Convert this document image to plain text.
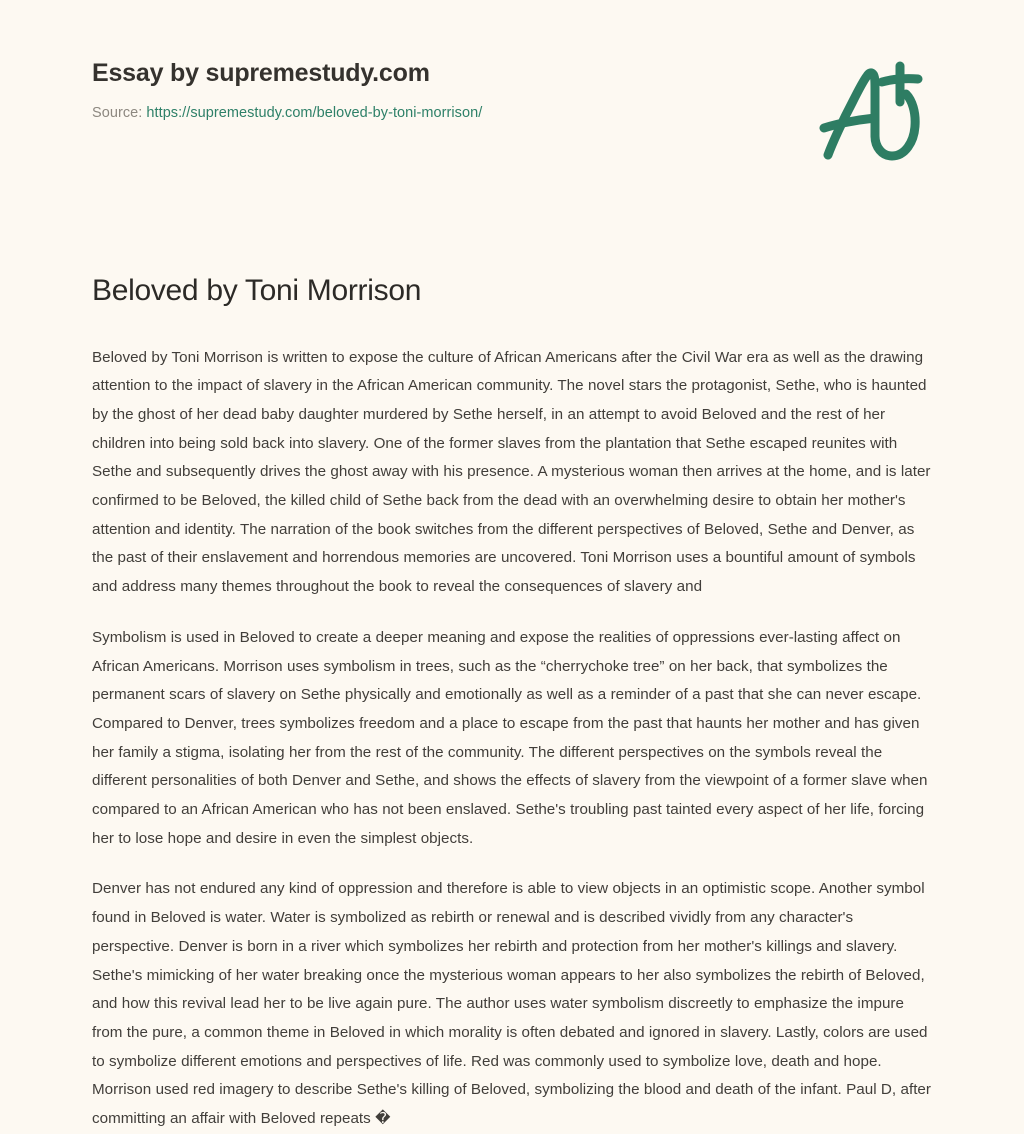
Essay by supremestudy.com

Source: https://supremestudy.com/beloved-by-toni-morrison/

Beloved by Toni Morrison

Beloved by Toni Morrison is written to expose the culture of African Americans after the Civil War era as well as the drawing attention to the impact of slavery in the African American community. The novel stars the protagonist, Sethe, who is haunted by the ghost of her dead baby daughter murdered by Sethe herself, in an attempt to avoid Beloved and the rest of her children into being sold back into slavery. One of the former slaves from the plantation that Sethe escaped reunites with Sethe and subsequently drives the ghost away with his presence. A mysterious woman then arrives at the home, and is later confirmed to be Beloved, the killed child of Sethe back from the dead with an overwhelming desire to obtain her mother's attention and identity. The narration of the book switches from the different perspectives of Beloved, Sethe and Denver, as the past of their enslavement and horrendous memories are uncovered. Toni Morrison uses a bountiful amount of symbols and address many themes throughout the book to reveal the consequences of slavery and

Symbolism is used in Beloved to create a deeper meaning and expose the realities of oppressions ever-lasting affect on African Americans. Morrison uses symbolism in trees, such as the “cherrychoke tree” on her back, that symbolizes the permanent scars of slavery on Sethe physically and emotionally as well as a reminder of a past that she can never escape. Compared to Denver, trees symbolizes freedom and a place to escape from the past that haunts her mother and has given her family a stigma, isolating her from the rest of the community. The different perspectives on the symbols reveal the different personalities of both Denver and Sethe, and shows the effects of slavery from the viewpoint of a former slave when compared to an African American who has not been enslaved. Sethe's troubling past tainted every aspect of her life, forcing her to lose hope and desire in even the simplest objects.

Denver has not endured any kind of oppression and therefore is able to view objects in an optimistic scope. Another symbol found in Beloved is water. Water is symbolized as rebirth or renewal and is described vividly from any character's perspective. Denver is born in a river which symbolizes her rebirth and protection from her mother's killings and slavery. Sethe's mimicking of her water breaking once the mysterious woman appears to her also symbolizes the rebirth of Beloved, and how this revival lead her to be live again pure. The author uses water symbolism discreetly to emphasize the impure from the pure, a common theme in Beloved in which morality is often debated and ignored in slavery. Lastly, colors are used to symbolize different emotions and perspectives of life. Red was commonly used to symbolize love, death and hope. Morrison used red imagery to describe Sethe's killing of Beloved, symbolizing the blood and death of the infant. Paul D, after committing an affair with Beloved repeats �
